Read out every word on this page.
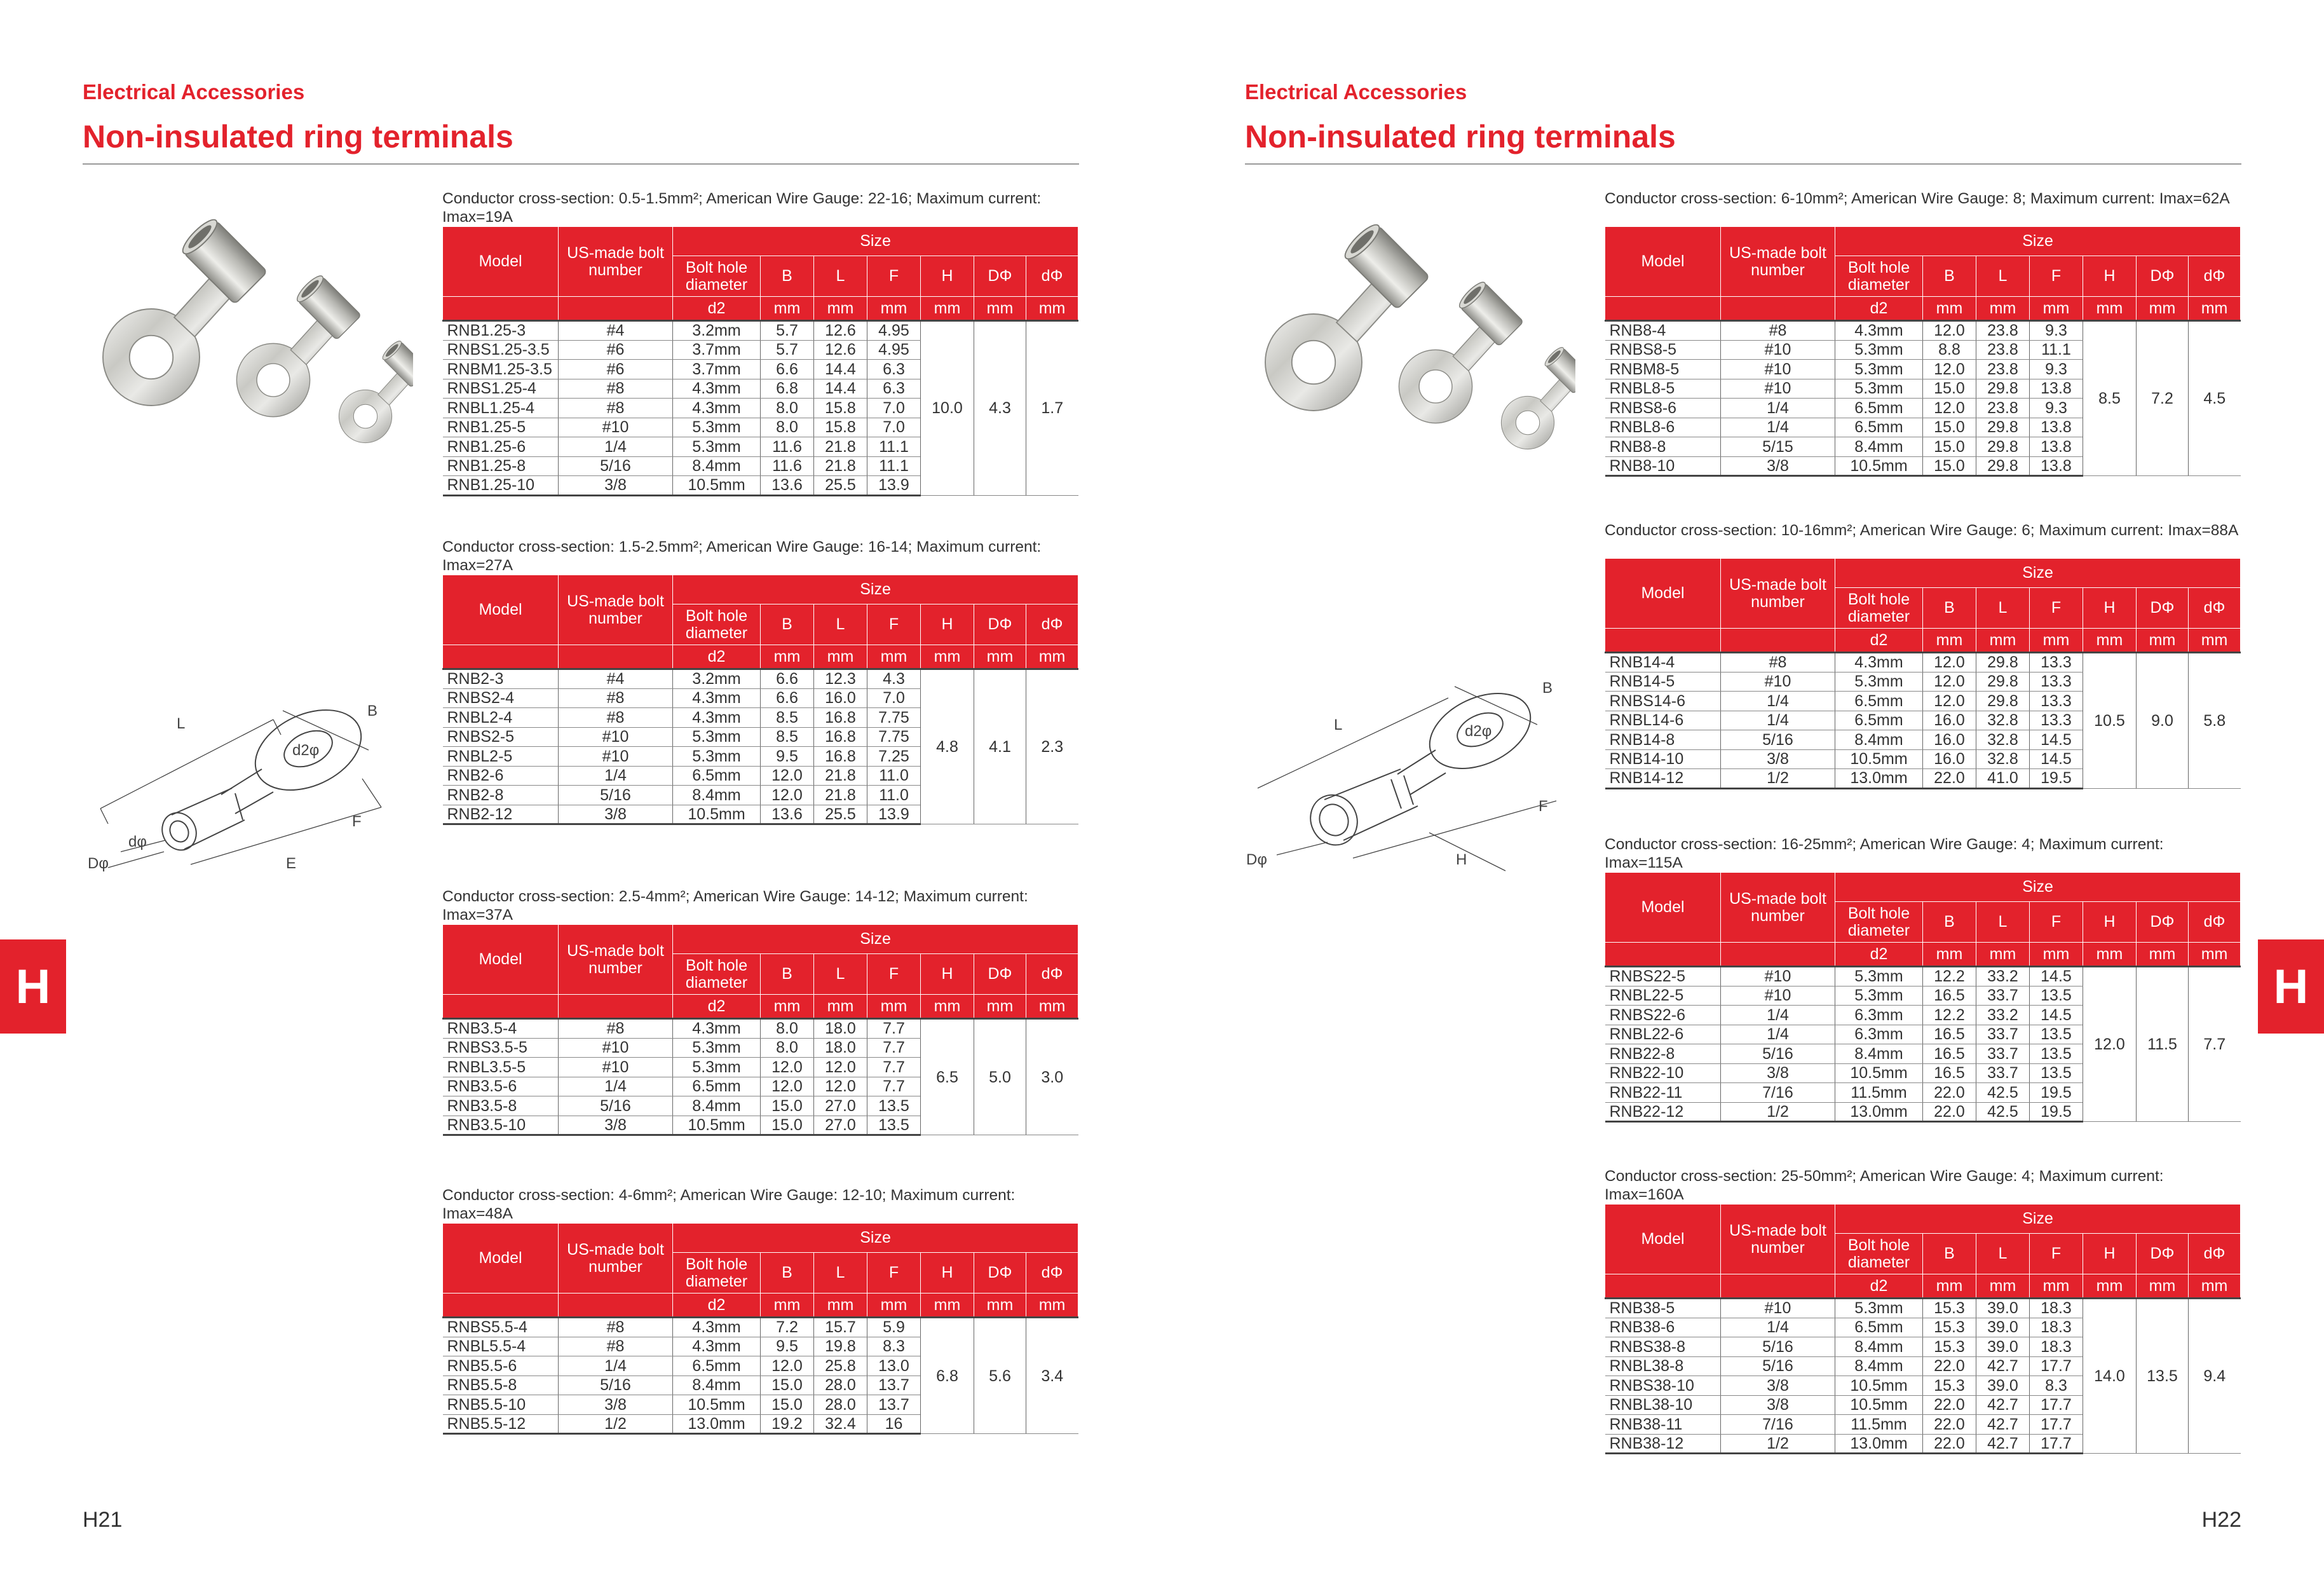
Electrical Accessories
Non-insulated ring terminals
L
B
d2φ
dφ
Dφ	E
F
Conductor cross-section: 0.5-1.5mm²; American Wire Gauge: 22-16; Maximum current: Imax=19A
Model	US-made bolt number	Size						
		Bolt hole diameter	B	L	F	H	DΦ	dΦ
		d2	mm	mm	mm	mm	mm	mm
RNB1.25-3	#4	3.2mm	5.7	12.6	4.95	10.0	4.3	1.7
RNBS1.25-3.5	#6	3.7mm	5.7	12.6	4.95			
RNBM1.25-3.5	#6	3.7mm	6.6	14.4	6.3			
RNBS1.25-4	#8	4.3mm	6.8	14.4	6.3			
RNBL1.25-4	#8	4.3mm	8.0	15.8	7.0			
RNB1.25-5	#10	5.3mm	8.0	15.8	7.0			
RNB1.25-6	1/4	5.3mm	11.6	21.8	11.1			
RNB1.25-8	5/16	8.4mm	11.6	21.8	11.1			
RNB1.25-10	3/8	10.5mm	13.6	25.5	13.9			
Conductor cross-section: 1.5-2.5mm²; American Wire Gauge: 16-14; Maximum current: Imax=27A
Model	US-made bolt number	Size						
		Bolt hole diameter	B	L	F	H	DΦ	dΦ
		d2	mm	mm	mm	mm	mm	mm
RNB2-3	#4	3.2mm	6.6	12.3	4.3	4.8	4.1	2.3
RNBS2-4	#8	4.3mm	6.6	16.0	7.0			
RNBL2-4	#8	4.3mm	8.5	16.8	7.75			
RNBS2-5	#10	5.3mm	8.5	16.8	7.75			
RNBL2-5	#10	5.3mm	9.5	16.8	7.25			
RNB2-6	1/4	6.5mm	12.0	21.8	11.0			
RNB2-8	5/16	8.4mm	12.0	21.8	11.0			
RNB2-12	3/8	10.5mm	13.6	25.5	13.9			
Conductor cross-section: 2.5-4mm²; American Wire Gauge: 14-12; Maximum current: Imax=37A
Model	US-made bolt number	Size						
		Bolt hole diameter	B	L	F	H	DΦ	dΦ
		d2	mm	mm	mm	mm	mm	mm
RNB3.5-4	#8	4.3mm	8.0	18.0	7.7	6.5	5.0	3.0
RNBS3.5-5	#10	5.3mm	8.0	18.0	7.7			
RNBL3.5-5	#10	5.3mm	12.0	12.0	7.7			
RNB3.5-6	1/4	6.5mm	12.0	12.0	7.7			
RNB3.5-8	5/16	8.4mm	15.0	27.0	13.5			
RNB3.5-10	3/8	10.5mm	15.0	27.0	13.5			
Conductor cross-section: 4-6mm²; American Wire Gauge: 12-10; Maximum current: Imax=48A
Model	US-made bolt number	Size						
		Bolt hole diameter	B	L	F	H	DΦ	dΦ
		d2	mm	mm	mm	mm	mm	mm
RNBS5.5-4	#8	4.3mm	7.2	15.7	5.9	6.8	5.6	3.4
RNBL5.5-4	#8	4.3mm	9.5	19.8	8.3			
RNB5.5-6	1/4	6.5mm	12.0	25.8	13.0			
RNB5.5-8	5/16	8.4mm	15.0	28.0	13.7			
RNB5.5-10	3/8	10.5mm	15.0	28.0	13.7			
RNB5.5-12	1/2	13.0mm	19.2	32.4	16			
H
H21
Electrical Accessories
Non-insulated ring terminals
L
B
d2φ
Dφ
F
H
Conductor cross-section: 6-10mm²; American Wire Gauge: 8; Maximum current: Imax=62A
Model	US-made bolt number	Size						
		Bolt hole diameter	B	L	F	H	DΦ	dΦ
		d2	mm	mm	mm	mm	mm	mm
RNB8-4	#8	4.3mm	12.0	23.8	9.3	8.5	7.2	4.5
RNBS8-5	#10	5.3mm	8.8	23.8	11.1			
RNBM8-5	#10	5.3mm	12.0	23.8	9.3			
RNBL8-5	#10	5.3mm	15.0	29.8	13.8			
RNBS8-6	1/4	6.5mm	12.0	23.8	9.3			
RNBL8-6	1/4	6.5mm	15.0	29.8	13.8			
RNB8-8	5/15	8.4mm	15.0	29.8	13.8			
RNB8-10	3/8	10.5mm	15.0	29.8	13.8			
Conductor cross-section: 10-16mm²; American Wire Gauge: 6; Maximum current: Imax=88A
Model	US-made bolt number	Size						
		Bolt hole diameter	B	L	F	H	DΦ	dΦ
		d2	mm	mm	mm	mm	mm	mm
RNB14-4	#8	4.3mm	12.0	29.8	13.3	10.5	9.0	5.8
RNB14-5	#10	5.3mm	12.0	29.8	13.3			
RNBS14-6	1/4	6.5mm	12.0	29.8	13.3			
RNBL14-6	1/4	6.5mm	16.0	32.8	13.3			
RNB14-8	5/16	8.4mm	16.0	32.8	14.5			
RNB14-10	3/8	10.5mm	16.0	32.8	14.5			
RNB14-12	1/2	13.0mm	22.0	41.0	19.5			
Conductor cross-section: 16-25mm²; American Wire Gauge: 4; Maximum current: Imax=115A
Model	US-made bolt number	Size						
		Bolt hole diameter	B	L	F	H	DΦ	dΦ
		d2	mm	mm	mm	mm	mm	mm
RNBS22-5	#10	5.3mm	12.2	33.2	14.5	12.0	11.5	7.7
RNBL22-5	#10	5.3mm	16.5	33.7	13.5			
RNBS22-6	1/4	6.3mm	12.2	33.2	14.5			
RNBL22-6	1/4	6.3mm	16.5	33.7	13.5			
RNB22-8	5/16	8.4mm	16.5	33.7	13.5			
RNB22-10	3/8	10.5mm	16.5	33.7	13.5			
RNB22-11	7/16	11.5mm	22.0	42.5	19.5			
RNB22-12	1/2	13.0mm	22.0	42.5	19.5			
Conductor cross-section: 25-50mm²; American Wire Gauge: 4; Maximum current: Imax=160A
Model	US-made bolt number	Size						
		Bolt hole diameter	B	L	F	H	DΦ	dΦ
		d2	mm	mm	mm	mm	mm	mm
RNB38-5	#10	5.3mm	15.3	39.0	18.3	14.0	13.5	9.4
RNB38-6	1/4	6.5mm	15.3	39.0	18.3			
RNBS38-8	5/16	8.4mm	15.3	39.0	18.3			
RNBL38-8	5/16	8.4mm	22.0	42.7	17.7			
RNBS38-10	3/8	10.5mm	15.3	39.0	8.3			
RNBL38-10	3/8	10.5mm	22.0	42.7	17.7			
RNB38-11	7/16	11.5mm	22.0	42.7	17.7			
RNB38-12	1/2	13.0mm	22.0	42.7	17.7			
H
H22
